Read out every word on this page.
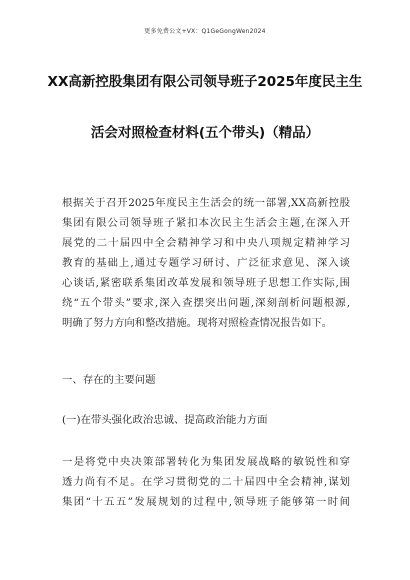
更多免费公文+VX：Q1GeGongWen2024
XX高新控股集团有限公司领导班子2025年度民主生
活会对照检查材料(五个带头)（精品）
根据关于召开2025年度民主生活会的统一部署,XX高新控股
集团有限公司领导班子紧扣本次民主生活会主题,在深入开
展党的二十届四中全会精神学习和中央八项规定精神学习
教育的基础上,通过专题学习研讨、广泛征求意见、深入谈
心谈话,紧密联系集团改革发展和领导班子思想工作实际,围
绕“五个带头”要求,深入查摆突出问题,深刻剖析问题根源,
明确了努力方向和整改措施。现将对照检查情况报告如下。
一、存在的主要问题
(一)在带头强化政治忠诚、提高政治能力方面
一是将党中央决策部署转化为集团发展战略的敏锐性和穿
透力尚有不足。在学习贯彻党的二十届四中全会精神,谋划
集团“十五五”发展规划的过程中,领导班子能够第一时间
